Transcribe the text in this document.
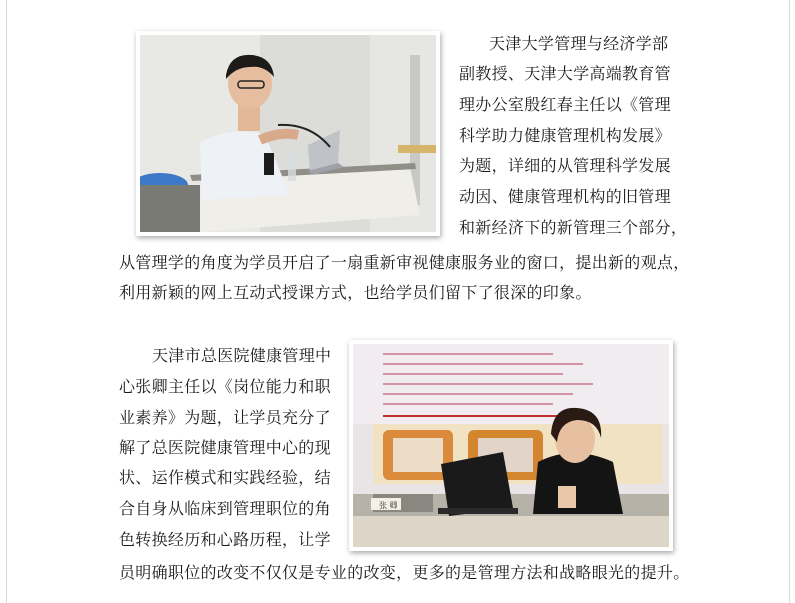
天津大学管理与经济学部
副教授、天津大学高端教育管
理办公室殷红春主任以《管理
科学助力健康管理机构发展》
为题，详细的从管理科学发展
动因、健康管理机构的旧管理
和新经济下的新管理三个部分，
从管理学的角度为学员开启了一扇重新审视健康服务业的窗口，提出新的观点，
利用新颖的网上互动式授课方式，也给学员们留下了很深的印象。
天津市总医院健康管理中
心张卿主任以《岗位能力和职
业素养》为题，让学员充分了
解了总医院健康管理中心的现
状、运作模式和实践经验，结
合自身从临床到管理职位的角
色转换经历和心路历程，让学
员明确职位的改变不仅仅是专业的改变，更多的是管理方法和战略眼光的提升。
张 卿
